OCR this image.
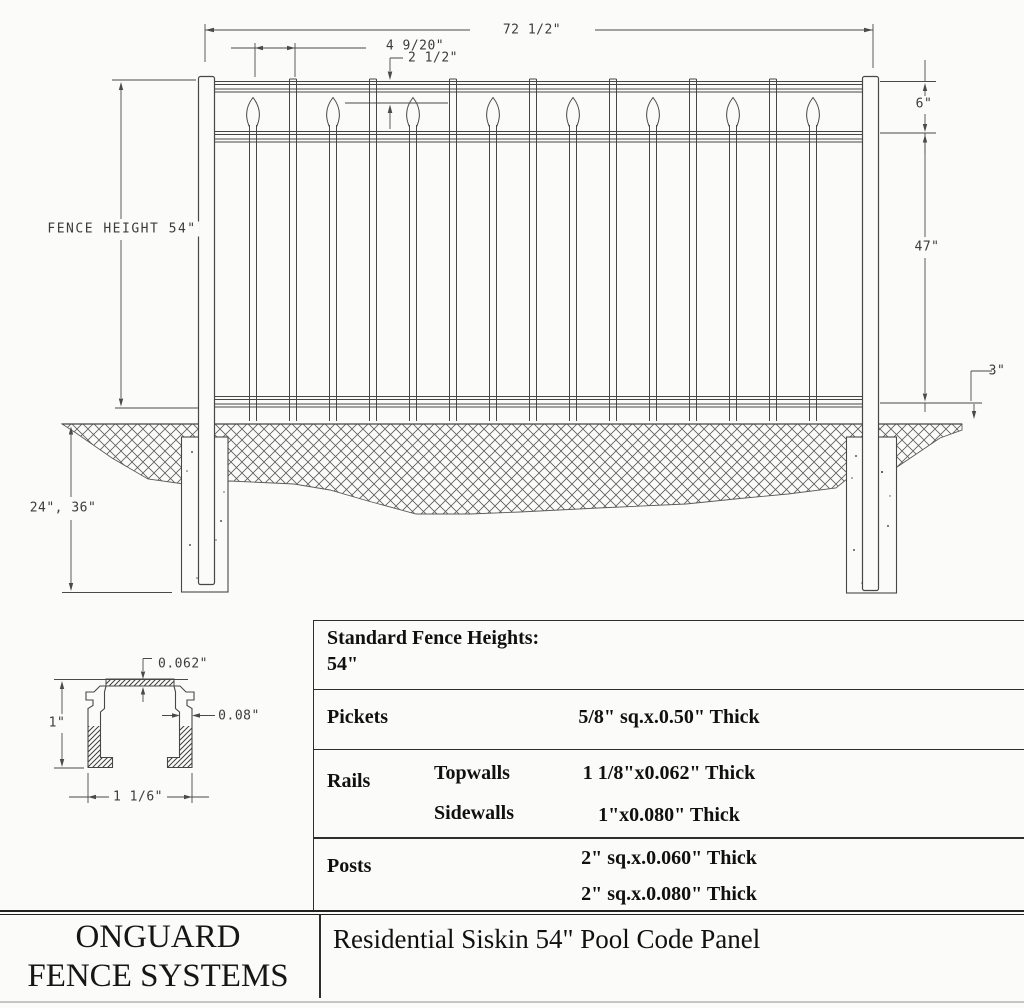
72 1/2"
4 9/20"
2 1/2"
6"
47"
3"
FENCE HEIGHT 54"
24", 36"
0.062"
0.08"
1"
1 1/6"
Standard Fence Heights:
54"
Pickets	5/8" sq.x.0.50" Thick
Rails	Topwalls	1 1/8"x0.062" Thick
Sidewalls	1"x0.080" Thick
Posts	2" sq.x.0.060" Thick
2" sq.x.0.080" Thick
ONGUARD
FENCE SYSTEMS
Residential Siskin 54" Pool Code Panel
